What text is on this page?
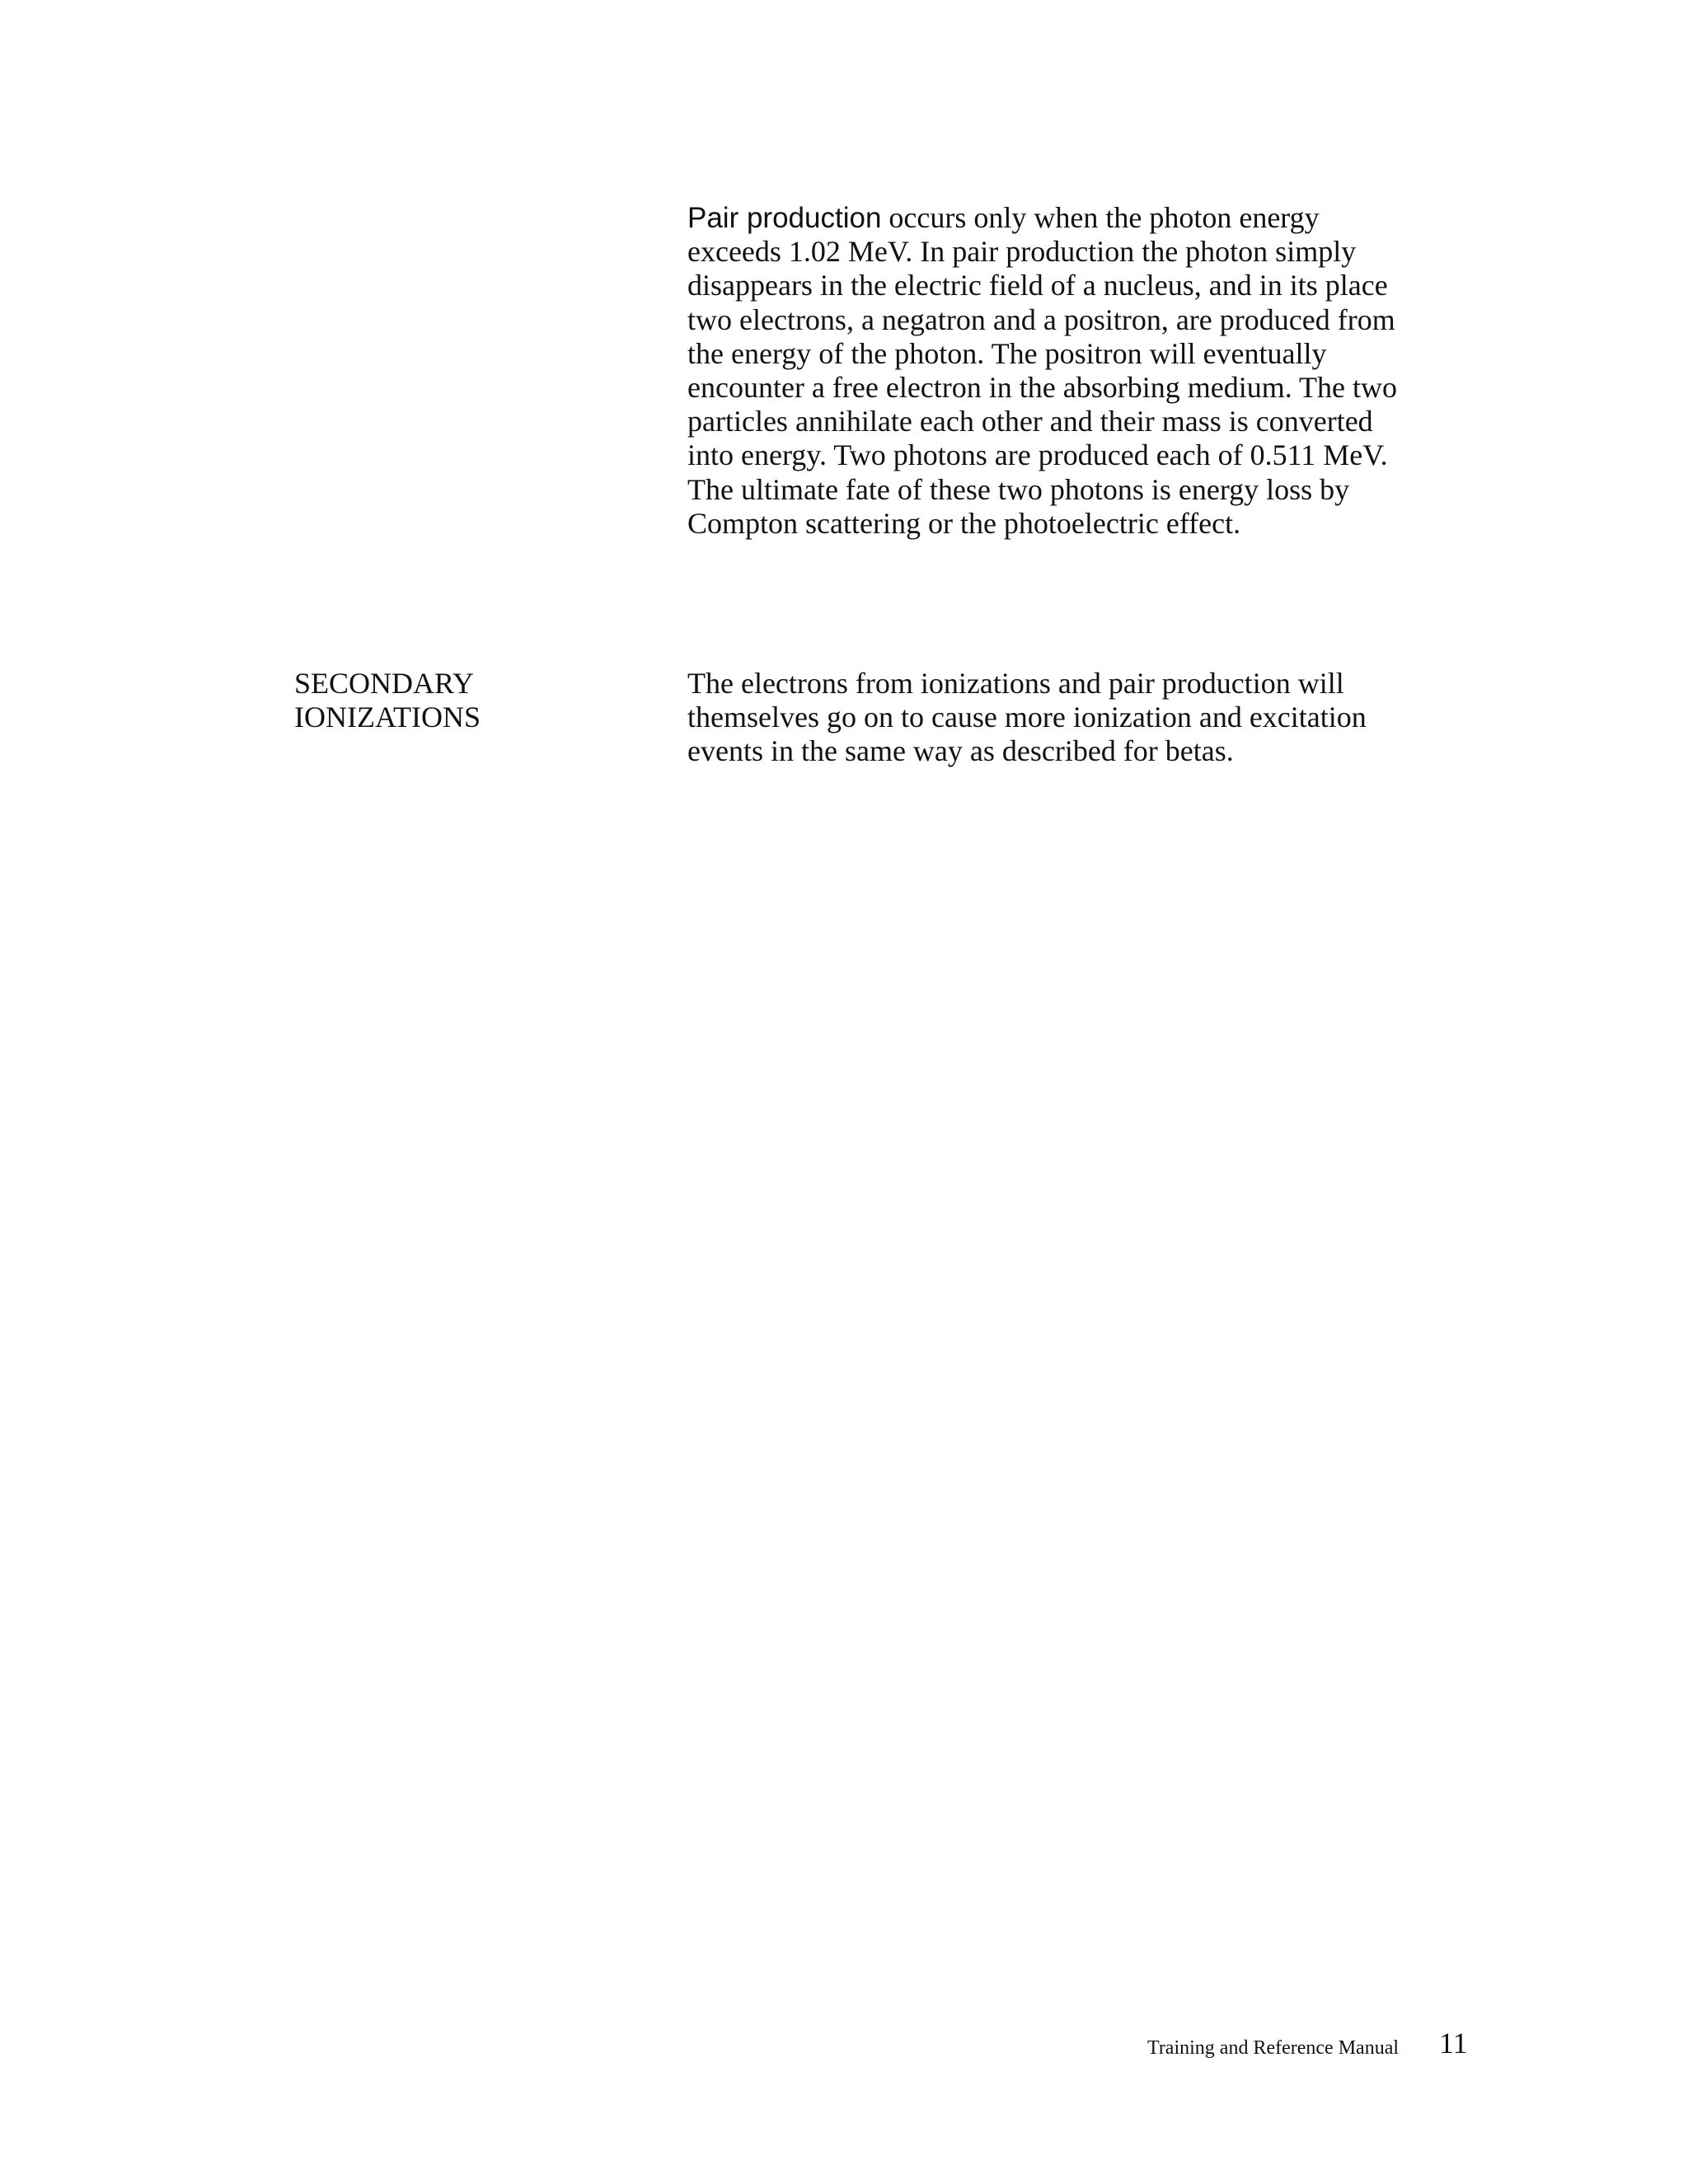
Pair production occurs only when the photon energy
exceeds 1.02 MeV. In pair production the photon simply
disappears in the electric field of a nucleus, and in its place
two electrons, a negatron and a positron, are produced from
the energy of the photon. The positron will eventually
encounter a free electron in the absorbing medium. The two
particles annihilate each other and their mass is converted
into energy. Two photons are produced each of 0.511 MeV.
The ultimate fate of these two photons is energy loss by
Compton scattering or the photoelectric effect.

SECONDARY
IONIZATIONS

The electrons from ionizations and pair production will
themselves go on to cause more ionization and excitation
events in the same way as described for betas.

Training and Reference Manual 11
